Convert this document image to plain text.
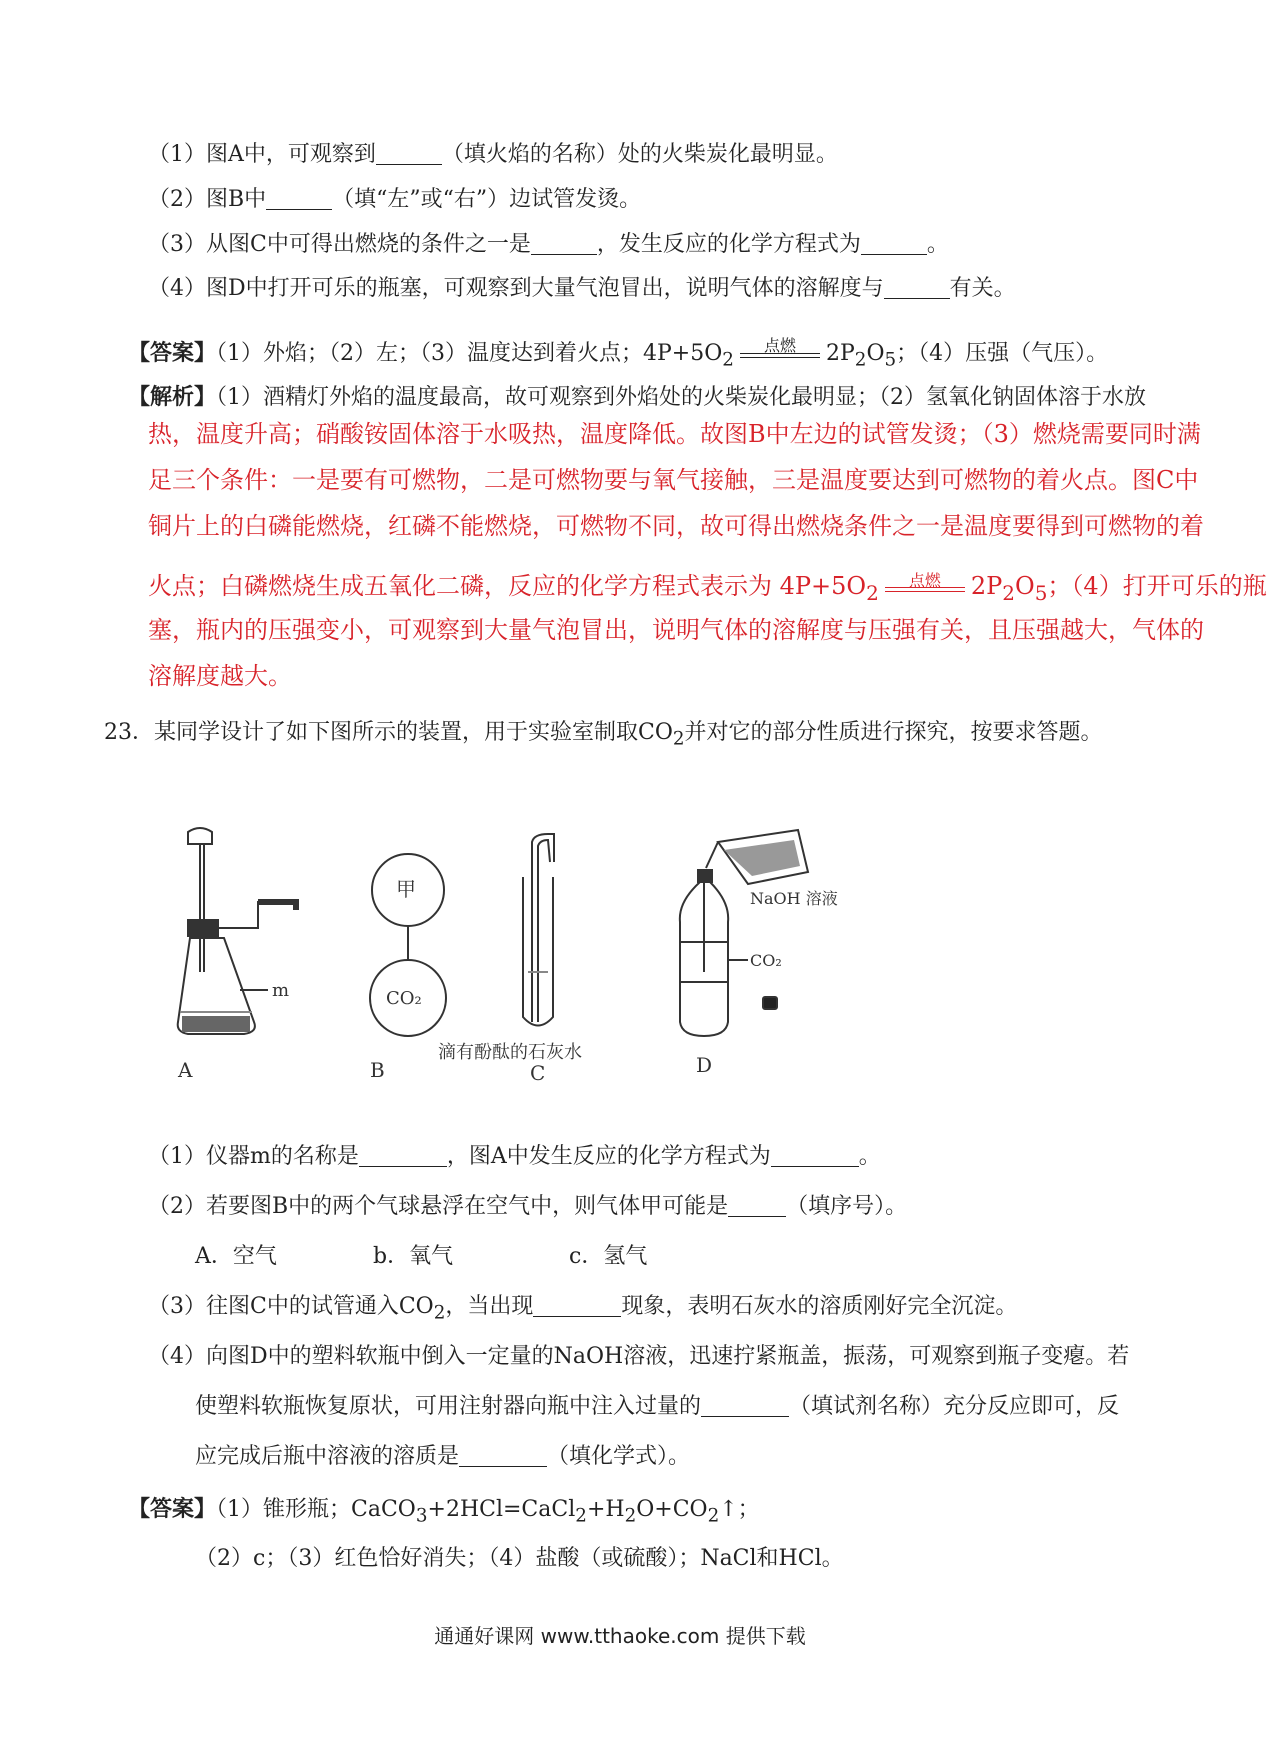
（1）图A中，可观察到	（填火焰的名称）处的火柴炭化最明显。
（2）图B中	（填“左”或“右”）边试管发烫。
（3）从图C中可得出燃烧的条件之一是	，发生反应的化学方程式为	。
（4）图D中打开可乐的瓶塞，可观察到大量气泡冒出，说明气体的溶解度与	有关。
【答案】（1）外焰；（2）左；（3）温度达到着火点；$4P+5O_2$
点燃	$2P_2O_5$；（4）压强（气压）。
【解析】（1）酒精灯外焰的温度最高，故可观察到外焰处的火柴炭化最明显；（2）氢氧化钠固体溶于水放
热，温度升高；硝酸铵固体溶于水吸热，温度降低。故图B中左边的试管发烫；（3）燃烧需要同时满
足三个条件：一是要有可燃物，二是可燃物要与氧气接触，三是温度要达到可燃物的着火点。图C中
铜片上的白磷能燃烧，红磷不能燃烧，可燃物不同，故可得出燃烧条件之一是温度要得到可燃物的着
火点；白磷燃烧生成五氧化二磷，反应的化学方程式表示为 $4P+5O_2$
点燃	$2P_2O_5$；（4）打开可乐的瓶
塞，瓶内的压强变小，可观察到大量气泡冒出，说明气体的溶解度与压强有关，且压强越大，气体的
溶解度越大。
23．某同学设计了如下图所示的装置，用于实验室制取$CO_2$并对它的部分性质进行探究，按要求答题。
m
A
甲
CO₂
B
滴有酚酞的石灰水
C
NaOH 溶液
CO₂
D
（1）仪器m的名称是	，图A中发生反应的化学方程式为	。
（2）若要图B中的两个气球悬浮在空气中，则气体甲可能是	（填序号）。
A．空气	b．氧气	c．氢气
（3）往图C中的试管通入$CO_2$，当出现	现象，表明石灰水的溶质刚好完全沉淀。
（4）向图D中的塑料软瓶中倒入一定量的NaOH溶液，迅速拧紧瓶盖，振荡，可观察到瓶子变瘪。若
使塑料软瓶恢复原状，可用注射器向瓶中注入过量的	（填试剂名称）充分反应即可，反
应完成后瓶中溶液的溶质是	（填化学式）。
【答案】（1）锥形瓶；$CaCO_3+2HCl=CaCl_2+H_2O+CO_2↑$；
（2）c；（3）红色恰好消失；（4）盐酸（或硫酸）；NaCl和HCl。
通通好课网 www.tthaoke.com 提供下载
